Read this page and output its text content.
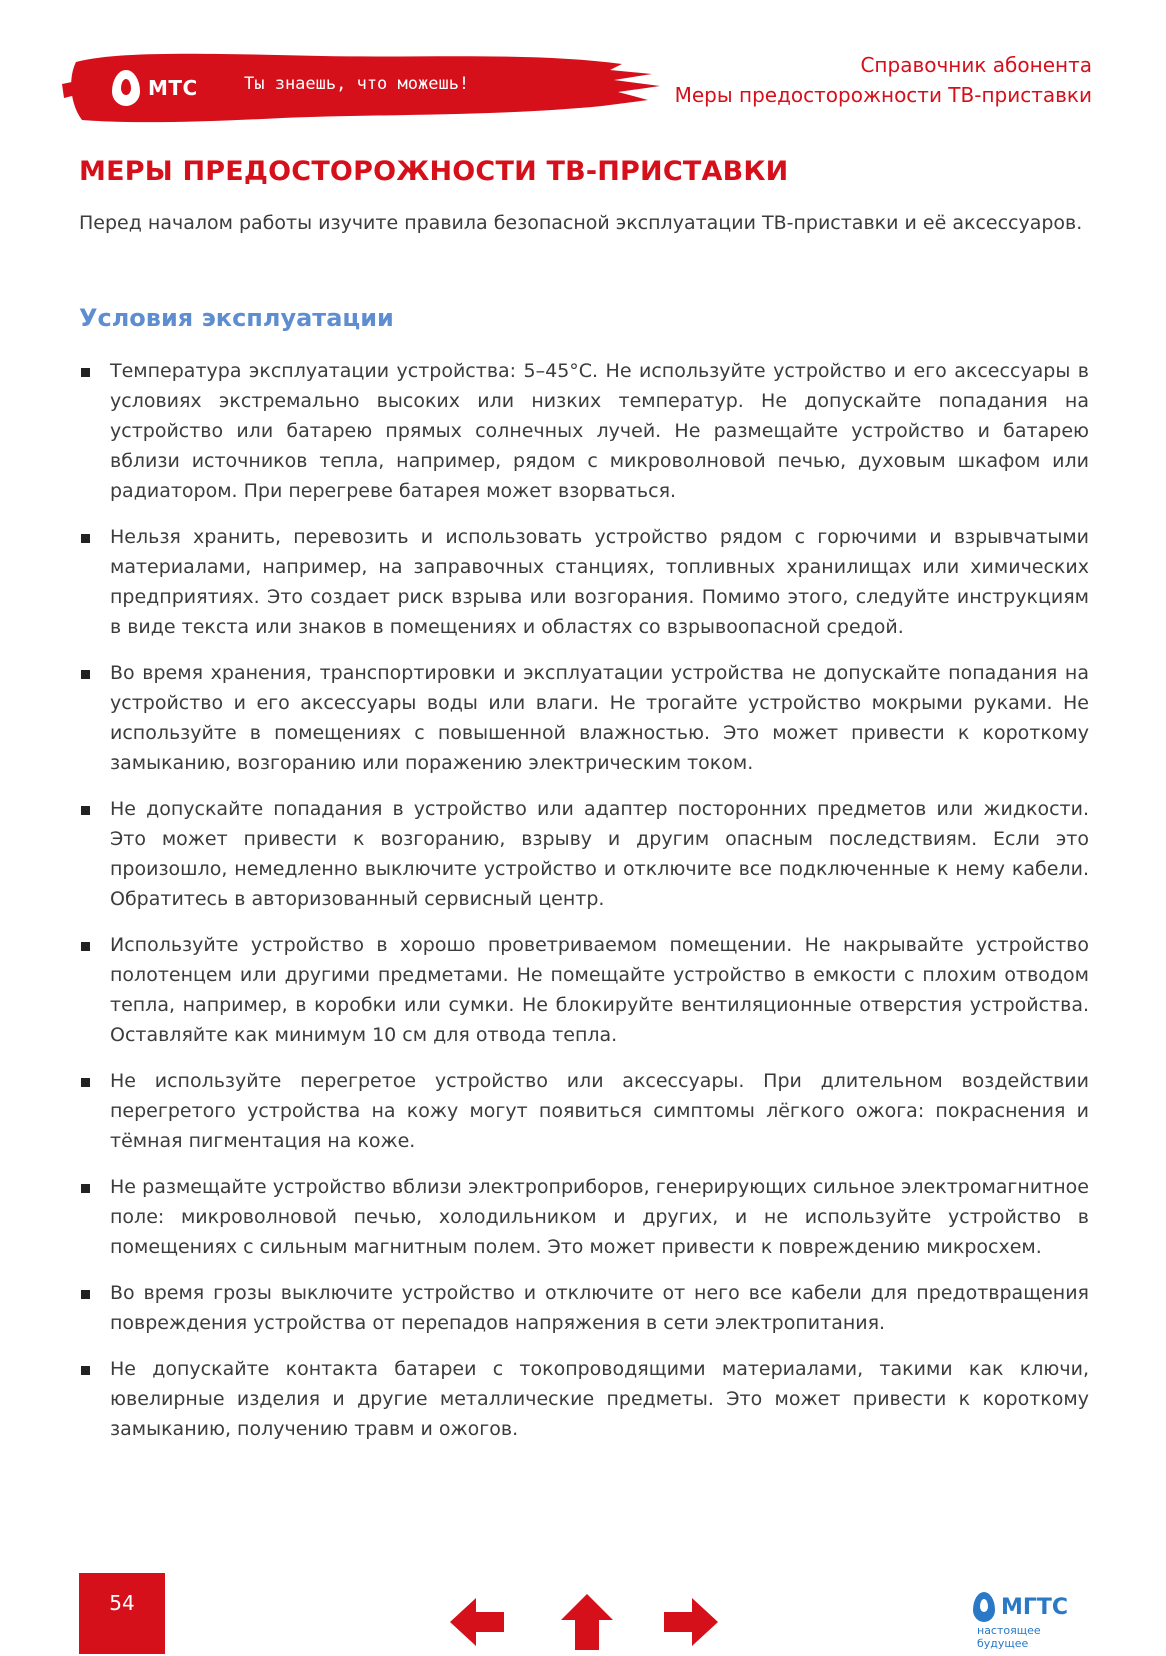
МТС	Ты знаешь, что можешь!
Справочник абонента
Меры предосторожности ТВ-приставки
МЕРЫ ПРЕДОСТОРОЖНОСТИ ТВ-ПРИСТАВКИ

Перед началом работы изучите правила безопасной эксплуатации ТВ-приставки и её аксессуаров.

Условия эксплуатации
Температура эксплуатации устройства: 5–45°С. Не используйте устройство и его аксессуары в условиях экстремально высоких или низких температур. Не допускайте попадания на устройство или батарею прямых солнечных лучей. Не размещайте устройство и батарею вблизи источников тепла, например, рядом с микроволновой печью, духовым шкафом или радиатором. При перегреве батарея может взорваться.
Нельзя хранить, перевозить и использовать устройство рядом с горючими и взрывчатыми материалами, например, на заправочных станциях, топливных хранилищах или химических предприятиях. Это создает риск взрыва или возгорания. Помимо этого, следуйте инструкциям в виде текста или знаков в помещениях и областях со взрывоопасной средой.
Во время хранения, транспортировки и эксплуатации устройства не допускайте попадания на устройство и его аксессуары воды или влаги. Не трогайте устройство мокрыми руками. Не используйте в помещениях с повышенной влажностью. Это может привести к короткому замыканию, возгоранию или поражению электрическим током.
Не допускайте попадания в устройство или адаптер посторонних предметов или жидкости. Это может привести к возгоранию, взрыву и другим опасным последствиям. Если это произошло, немедленно выключите устройство и отключите все подключенные к нему кабели. Обратитесь в авторизованный сервисный центр.
Используйте устройство в хорошо проветриваемом помещении. Не накрывайте устройство полотенцем или другими предметами. Не помещайте устройство в емкости с плохим отводом тепла, например, в коробки или сумки. Не блокируйте вентиляционные отверстия устройства. Оставляйте как минимум 10 см для отвода тепла.
Не используйте перегретое устройство или аксессуары. При длительном воздействии перегретого устройства на кожу могут появиться симптомы лёгкого ожога: покраснения и тёмная пигментация на коже.
Не размещайте устройство вблизи электроприборов, генерирующих сильное электромагнитное поле: микроволновой печью, холодильником и других, и не используйте устройство в помещениях с сильным магнитным полем. Это может привести к повреждению микросхем.
Во время грозы выключите устройство и отключите от него все кабели для предотвращения повреждения устройства от перепадов напряжения в сети электропитания.
Не допускайте контакта батареи с токопроводящими материалами, такими как ключи, ювелирные изделия и другие металлические предметы. Это может привести к короткому замыканию, получению травм и ожогов.
54	МГТС
настоящее будущее
